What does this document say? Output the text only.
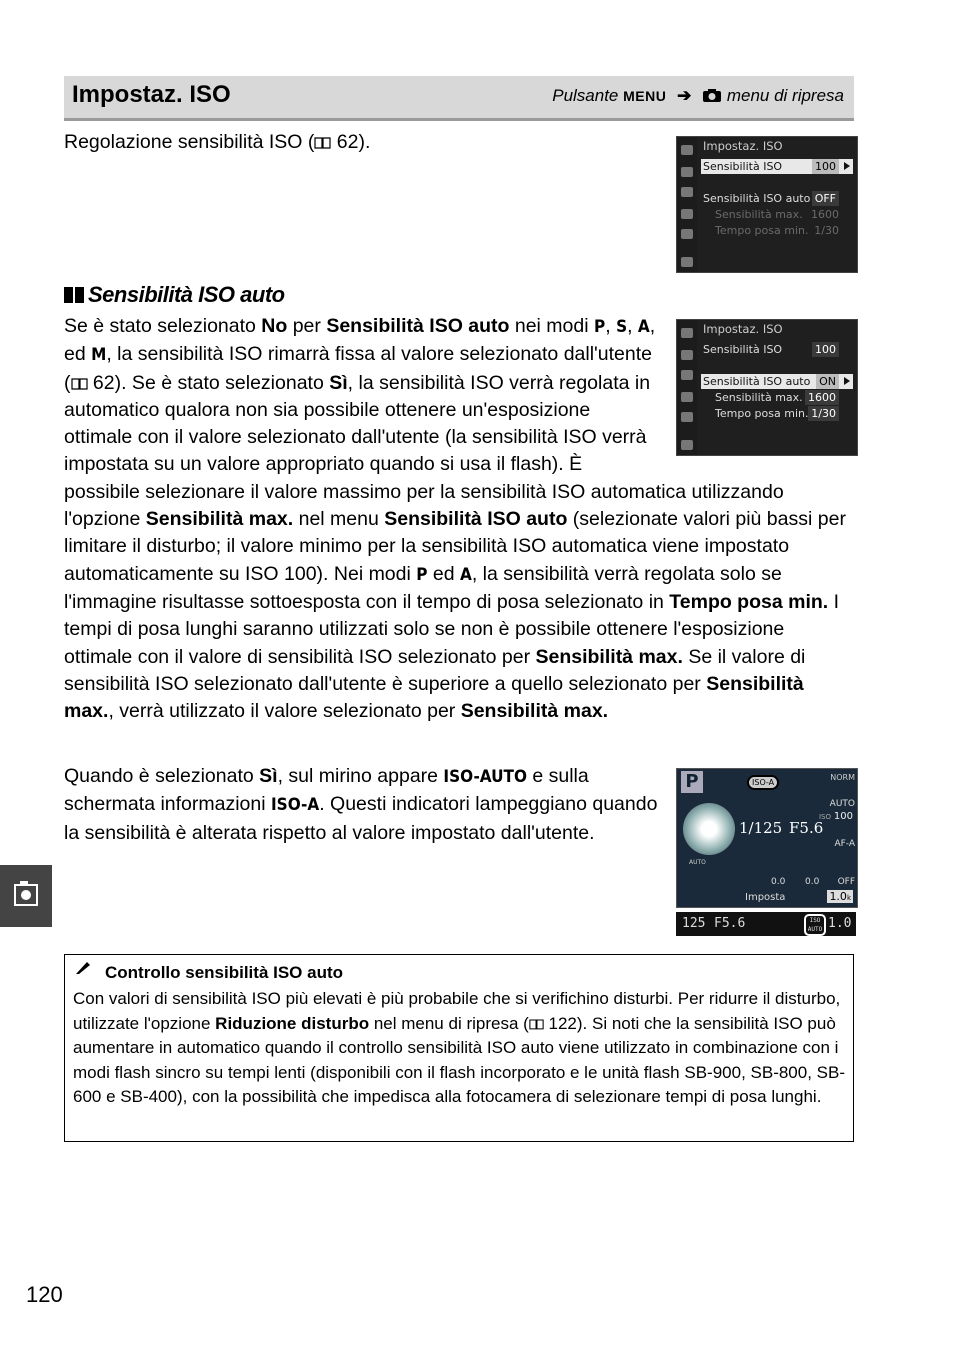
Impostaz. ISO	Pulsante MENU ➔ menu di ripresa
Regolazione sensibilità ISO ( 62).	Impostaz. ISO
Sensibilità ISO	100
Sensibilità ISO auto OFF
Sensibilità max. 1600
Tempo posa min. 1/30
Sensibilità ISO auto
Impostaz. ISO
Sensibilità ISO	100
Sensibilità ISO auto ON
Sensibilità max. 1600
Tempo posa min. 1/30
Se è stato selezionato No per Sensibilità ISO auto nei modi P, S, A, ed M, la sensibilità ISO rimarrà fissa al valore selezionato dall'utente ( 62). Se è stato selezionato Sì, la sensibilità ISO verrà regolata in automatico qualora non sia possibile ottenere un'esposizione ottimale con il valore selezionato dall'utente (la sensibilità ISO verrà impostata su un valore appropriato quando si usa il flash). È possibile selezionare il valore massimo per la sensibilità ISO automatica utilizzando l'opzione Sensibilità max. nel menu Sensibilità ISO auto (selezionate valori più bassi per limitare il disturbo; il valore minimo per la sensibilità ISO automatica viene impostato automaticamente su ISO 100). Nei modi P ed A, la sensibilità verrà regolata solo se l'immagine risultasse sottoesposta con il tempo di posa selezionato in Tempo posa min. I tempi di posa lunghi saranno utilizzati solo se non è possibile ottenere l'esposizione ottimale con il valore di sensibilità ISO selezionato per Sensibilità max. Se il valore di sensibilità ISO selezionato dall'utente è superiore a quello selezionato per Sensibilità max., verrà utilizzato il valore selezionato per Sensibilità max.
Quando è selezionato Sì, sul mirino appare ISO-AUTO e sulla schermata informazioni ISO-A. Questi indicatori lampeggiano quando la sensibilità è alterata rispetto al valore impostato dall'utente.
P	ISO-A
NORM
ISO 100
AUTO
AF-A
OFF
AUTO
1/125 F5.6
0.0 0.0
Imposta	1.0k
125 F5.6	ISO AUTO 1.0
Controllo sensibilità ISO auto
Con valori di sensibilità ISO più elevati è più probabile che si verifichino disturbi. Per ridurre il disturbo, utilizzate l'opzione Riduzione disturbo nel menu di ripresa ( 122). Si noti che la sensibilità ISO può aumentare in automatico quando il controllo sensibilità ISO auto viene utilizzato in combinazione con i modi flash sincro su tempi lenti (disponibili con il flash incorporato e le unità flash SB-900, SB-800, SB-600 e SB-400), con la possibilità che impedisca alla fotocamera di selezionare tempi di posa lunghi.
120
